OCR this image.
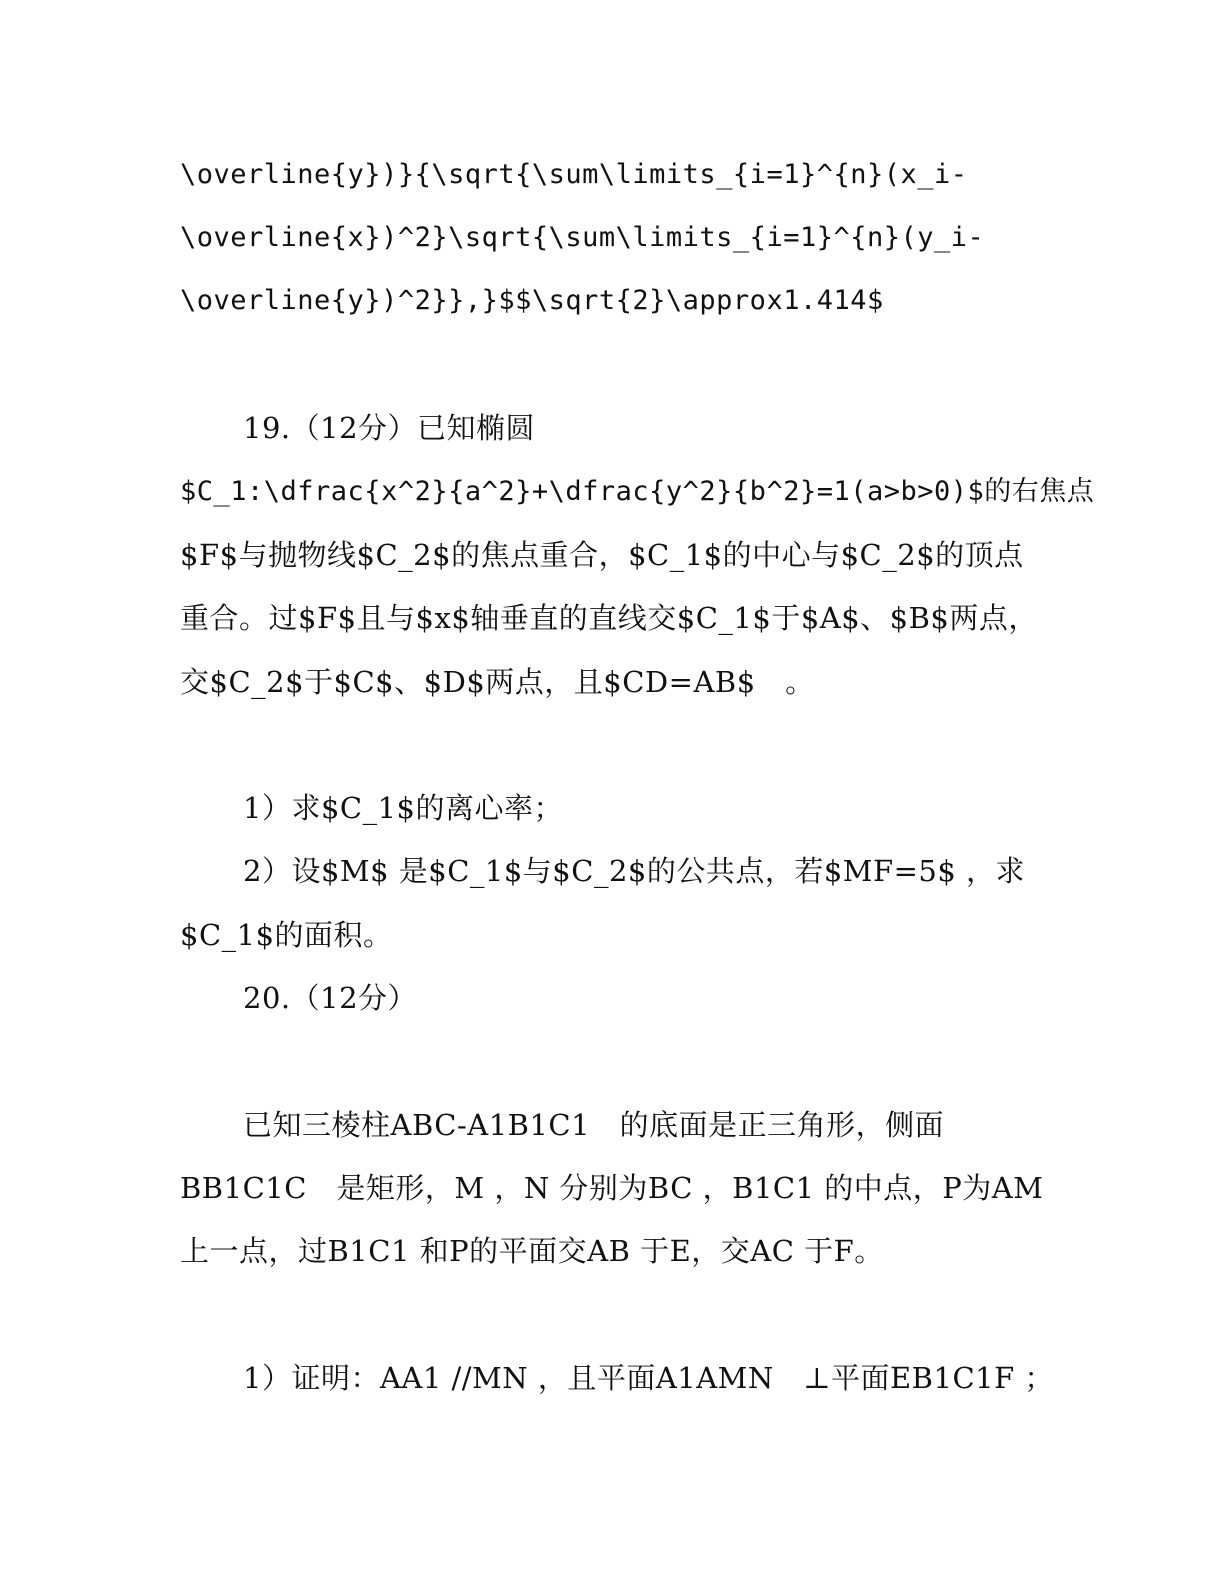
\overline{y})}{\sqrt{\sum\limits_{i=1}^{n}(x_i-
\overline{x})^2}\sqrt{\sum\limits_{i=1}^{n}(y_i-
\overline{y})^2}},}$$\sqrt{2}\approx1.414$
19.（12分）已知椭圆
$C_1:\dfrac{x^2}{a^2}+\dfrac{y^2}{b^2}=1(a>b>0)$的右焦点
$F$与抛物线$C_2$的焦点重合，$C_1$的中心与$C_2$的顶点
重合。过$F$且与$x$轴垂直的直线交$C_1$于$A$、$B$两点，
交$C_2$于$C$、$D$两点，且$CD=AB$　。
1）求$C_1$的离心率；
2）设$M$ 是$C_1$与$C_2$的公共点，若$MF=5$ ，求
$C_1$的面积。
20.（12分）
已知三棱柱ABC-A1B1C1　的底面是正三角形，侧面
BB1C1C　是矩形，M ，N 分别为BC ，B1C1 的中点，P为AM
上一点，过B1C1 和P的平面交AB 于E，交AC 于F。
1）证明：AA1 //MN ，且平面A1AMN　⊥平面EB1C1F ；
